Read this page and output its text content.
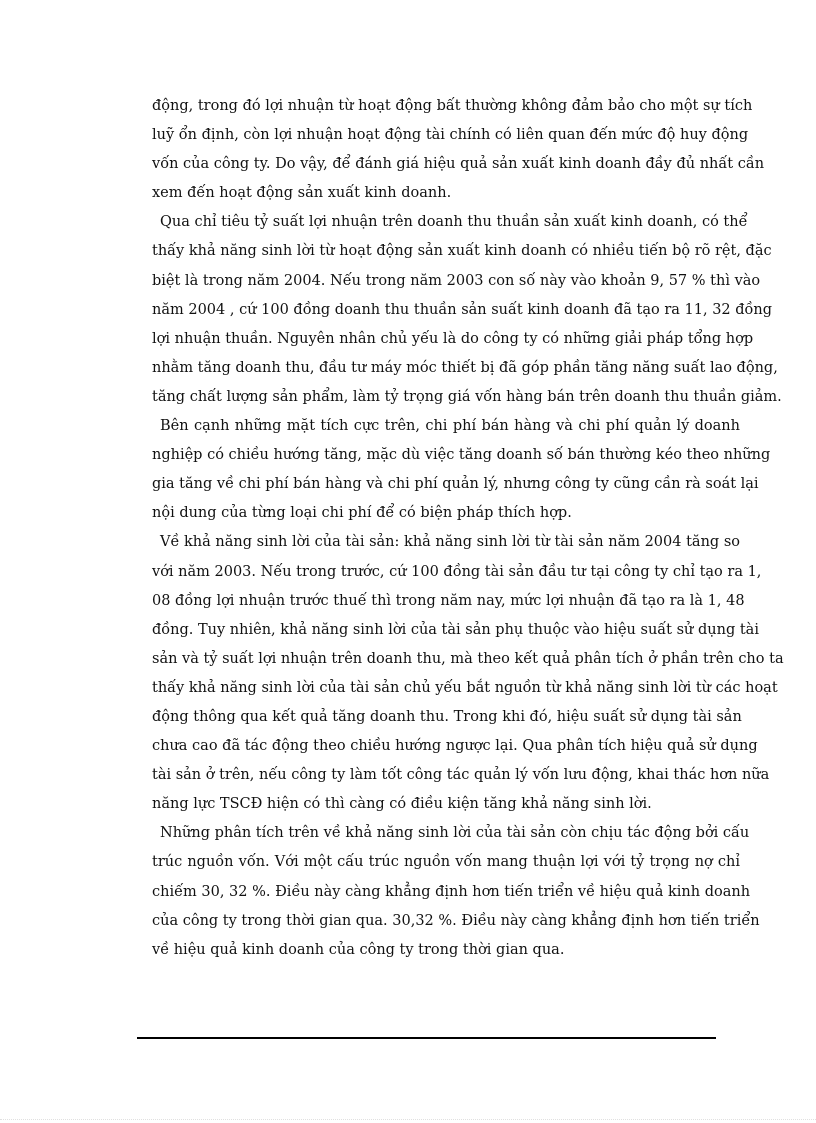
động, trong đó lợi nhuận từ hoạt động bất thường không đảm bảo cho một sự tích
luỹ ổn định, còn lợi nhuận hoạt động tài chính có liên quan đến mức độ huy động
vốn của công ty. Do vậy, để đánh giá hiệu quả sản xuất kinh doanh đầy đủ nhất cần
xem đến hoạt động sản xuất kinh doanh.
Qua chỉ tiêu tỷ suất lợi nhuận trên doanh thu thuần sản xuất kinh doanh, có thể
thấy khả năng sinh lời từ hoạt động sản xuất kinh doanh có nhiều tiến bộ rõ rệt, đặc
biệt là trong năm 2004. Nếu trong năm 2003 con số này vào khoản 9, 57 % thì vào
năm 2004 , cứ 100 đồng doanh thu thuần sản suất kinh doanh đã tạo ra 11, 32 đồng
lợi nhuận thuần. Nguyên nhân chủ yếu là do công ty có những giải pháp tổng hợp
nhằm tăng doanh thu, đầu tư máy móc thiết bị đã góp phần tăng năng suất lao động,
tăng chất lượng sản phẩm, làm tỷ trọng giá vốn hàng bán trên doanh thu thuần giảm.
Bên cạnh những mặt tích cực trên, chi phí bán hàng và chi phí quản lý doanh
nghiệp có chiều hướng tăng, mặc dù việc tăng doanh số bán thường kéo theo những
gia tăng về chi phí bán hàng và chi phí quản lý, nhưng công ty cũng cần rà soát lại
nội dung của từng loại chi phí để có biện pháp thích hợp.
Về khả năng sinh lời của tài sản: khả năng sinh lời từ tài sản năm 2004 tăng so
với năm 2003. Nếu trong trước, cứ 100 đồng tài sản đầu tư tại công ty chỉ tạo ra 1,
08 đồng lợi nhuận trước thuế thì trong năm nay, mức lợi nhuận đã tạo ra là 1, 48
đồng. Tuy nhiên, khả năng sinh lời của tài sản phụ thuộc vào hiệu suất sử dụng tài
sản và tỷ suất lợi nhuận trên doanh thu, mà theo kết quả phân tích ở phần trên cho ta
thấy khả năng sinh lời của tài sản chủ yếu bắt nguồn từ khả năng sinh lời từ các hoạt
động thông qua kết quả tăng doanh thu. Trong khi đó, hiệu suất sử dụng tài sản
chưa cao đã tác động theo chiều hướng ngược lại. Qua phân tích hiệu quả sử dụng
tài sản ở trên, nếu công ty làm tốt công tác quản lý vốn lưu động, khai thác hơn nữa
năng lực TSCĐ hiện có thì càng có điều kiện tăng khả năng sinh lời.
Những phân tích trên về khả năng sinh lời của tài sản còn chịu tác động bởi cấu
trúc nguồn vốn. Với một cấu trúc nguồn vốn mang thuận lợi với tỷ trọng nợ chỉ
chiếm 30, 32 %. Điều này càng khẳng định hơn tiến triển về hiệu quả kinh doanh
của công ty trong thời gian qua. 30,32 %. Điều này càng khẳng định hơn tiến triển
về hiệu quả kinh doanh của công ty trong thời gian qua.
